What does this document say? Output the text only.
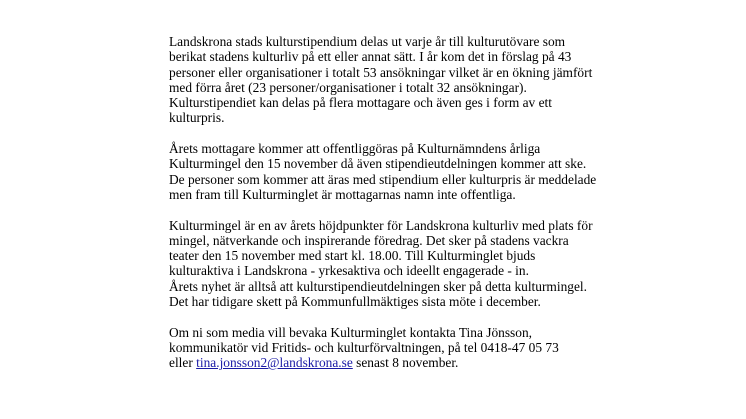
Landskrona stads kulturstipendium delas ut varje år till kulturutövare som
berikat stadens kulturliv på ett eller annat sätt. I år kom det in förslag på 43
personer eller organisationer i totalt 53 ansökningar vilket är en ökning jämfört
med förra året (23 personer/organisationer i totalt 32 ansökningar).
Kulturstipendiet kan delas på flera mottagare och även ges i form av ett
kulturpris.

Årets mottagare kommer att offentliggöras på Kulturnämndens årliga
Kulturmingel den 15 november då även stipendieutdelningen kommer att ske.
De personer som kommer att äras med stipendium eller kulturpris är meddelade
men fram till Kulturminglet är mottagarnas namn inte offentliga.

Kulturmingel är en av årets höjdpunkter för Landskrona kulturliv med plats för
mingel, nätverkande och inspirerande föredrag. Det sker på stadens vackra
teater den 15 november med start kl. 18.00. Till Kulturminglet bjuds
kulturaktiva i Landskrona - yrkesaktiva och ideellt engagerade - in.
Årets nyhet är alltså att kulturstipendieutdelningen sker på detta kulturmingel.
Det har tidigare skett på Kommunfullmäktiges sista möte i december.

Om ni som media vill bevaka Kulturminglet kontakta Tina Jönsson,
kommunikatör vid Fritids- och kulturförvaltningen, på tel 0418-47 05 73
eller tina.jonsson2@landskrona.se senast 8 november.
